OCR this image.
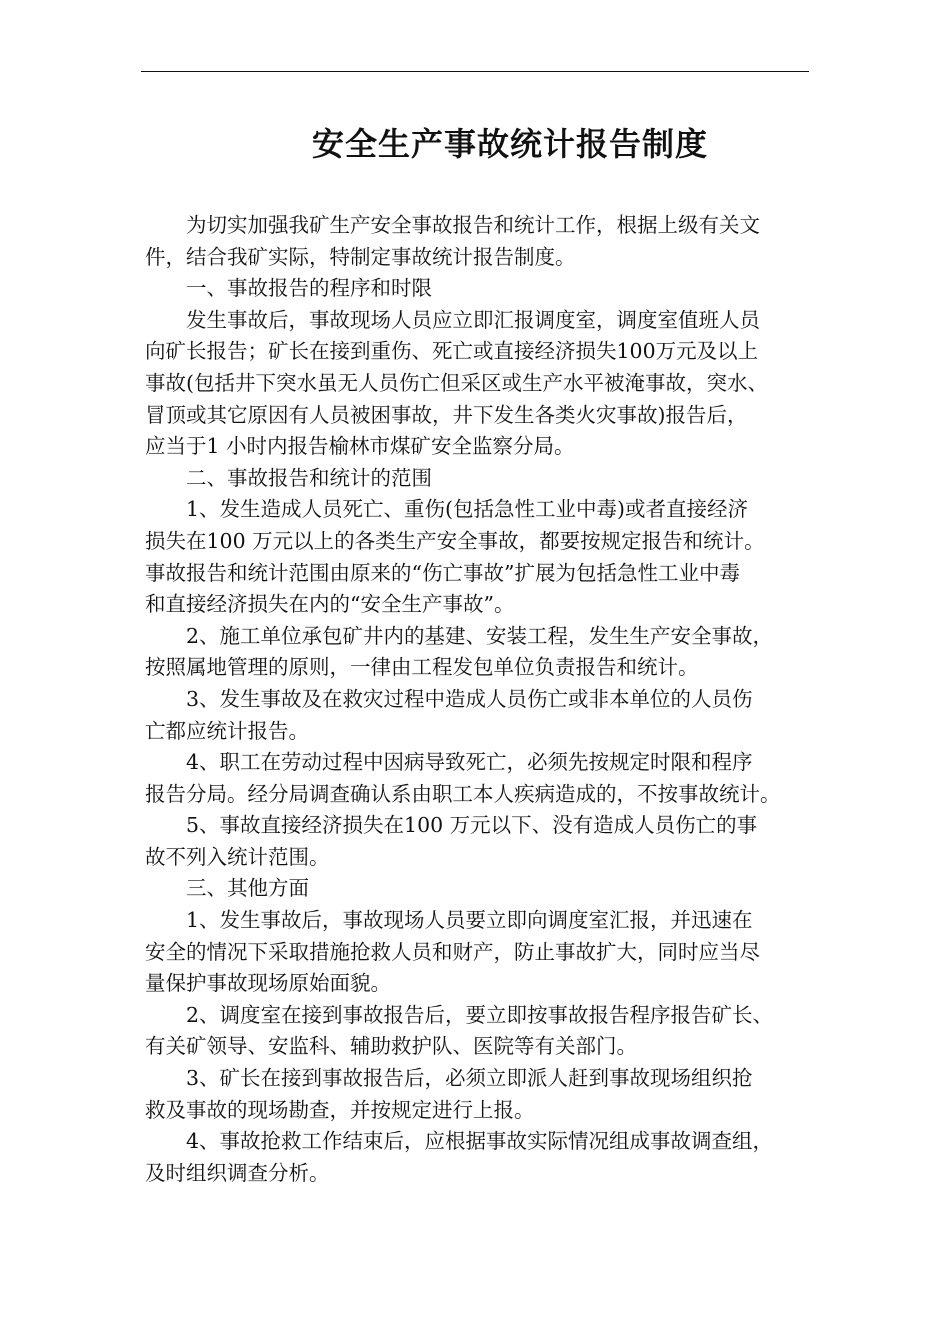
安全生产事故统计报告制度
为切实加强我矿生产安全事故报告和统计工作，根据上级有关文
件，结合我矿实际，特制定事故统计报告制度。
一、事故报告的程序和时限
发生事故后，事故现场人员应立即汇报调度室，调度室值班人员
向矿长报告；矿长在接到重伤、死亡或直接经济损失100万元及以上
事故(包括井下突水虽无人员伤亡但采区或生产水平被淹事故，突水、
冒顶或其它原因有人员被困事故，井下发生各类火灾事故)报告后，
应当于1 小时内报告榆林市煤矿安全监察分局。
二、事故报告和统计的范围
1、发生造成人员死亡、重伤(包括急性工业中毒)或者直接经济
损失在100 万元以上的各类生产安全事故，都要按规定报告和统计。
事故报告和统计范围由原来的“伤亡事故”扩展为包括急性工业中毒
和直接经济损失在内的“安全生产事故”。
2、施工单位承包矿井内的基建、安装工程，发生生产安全事故，
按照属地管理的原则，一律由工程发包单位负责报告和统计。
3、发生事故及在救灾过程中造成人员伤亡或非本单位的人员伤
亡都应统计报告。
4、职工在劳动过程中因病导致死亡，必须先按规定时限和程序
报告分局。经分局调查确认系由职工本人疾病造成的，不按事故统计。
5、事故直接经济损失在100 万元以下、没有造成人员伤亡的事
故不列入统计范围。
三、其他方面
1、发生事故后，事故现场人员要立即向调度室汇报，并迅速在
安全的情况下采取措施抢救人员和财产，防止事故扩大，同时应当尽
量保护事故现场原始面貌。
2、调度室在接到事故报告后，要立即按事故报告程序报告矿长、
有关矿领导、安监科、辅助救护队、医院等有关部门。
3、矿长在接到事故报告后，必须立即派人赶到事故现场组织抢
救及事故的现场勘查，并按规定进行上报。
4、事故抢救工作结束后，应根据事故实际情况组成事故调查组，
及时组织调查分析。
